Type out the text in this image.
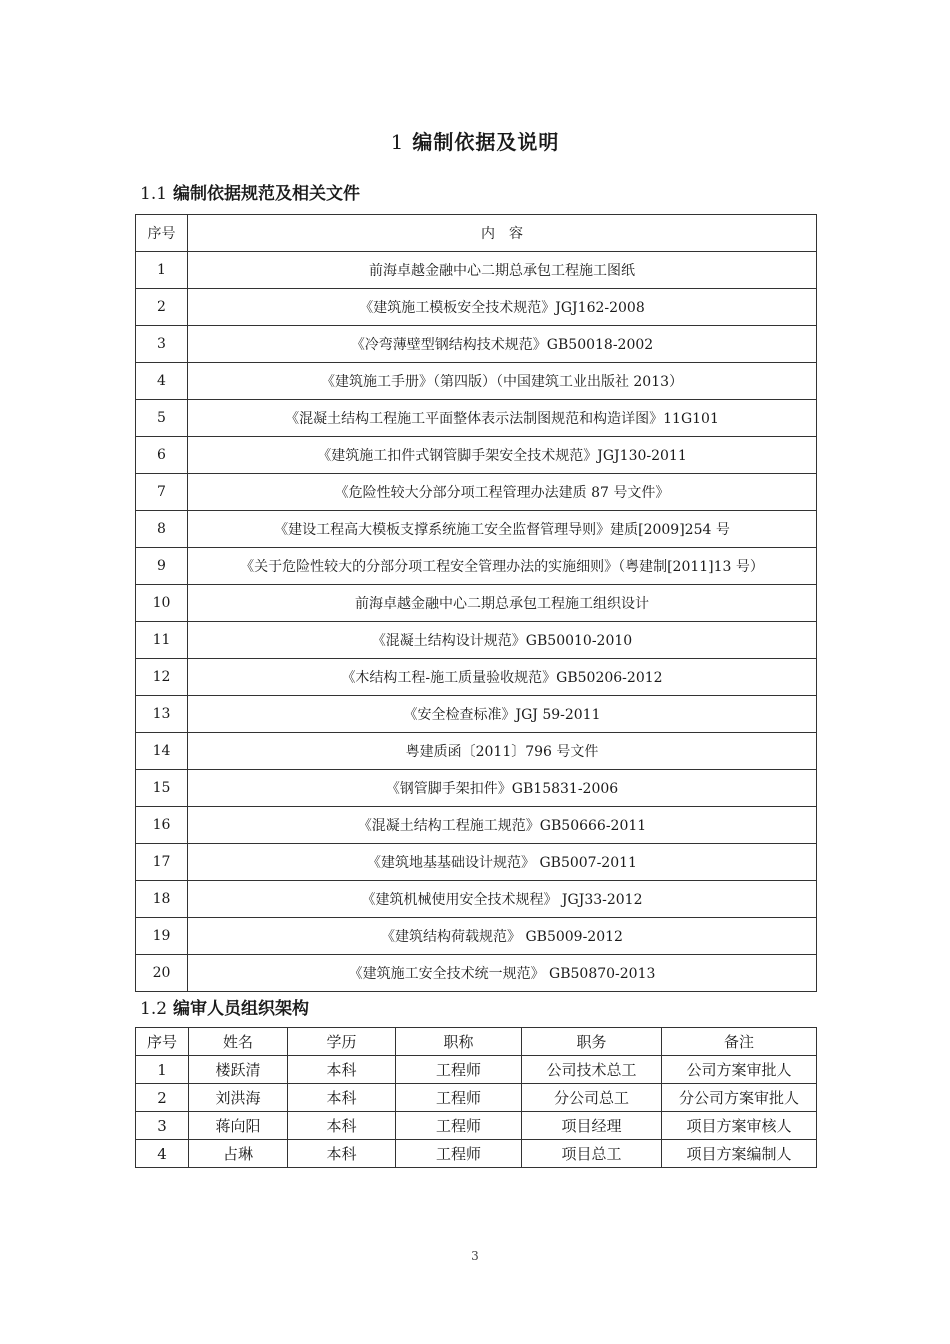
1 编制依据及说明
1.1 编制依据规范及相关文件
序号	内　容
1	前海卓越金融中心二期总承包工程施工图纸
2	《建筑施工模板安全技术规范》JGJ162-2008
3	《冷弯薄壁型钢结构技术规范》GB50018-2002
4	《建筑施工手册》（第四版）（中国建筑工业出版社 2013）
5	《混凝土结构工程施工平面整体表示法制图规范和构造详图》11G101
6	《建筑施工扣件式钢管脚手架安全技术规范》JGJ130-2011
7	《危险性较大分部分项工程管理办法建质 87 号文件》
8	《建设工程高大模板支撑系统施工安全监督管理导则》建质[2009]254 号
9	《关于危险性较大的分部分项工程安全管理办法的实施细则》（粤建制[2011]13 号）
10	前海卓越金融中心二期总承包工程施工组织设计
11	《混凝土结构设计规范》GB50010-2010
12	《木结构工程-施工质量验收规范》GB50206-2012
13	《安全检查标准》JGJ 59-2011
14	粤建质函〔2011〕796 号文件
15	《钢管脚手架扣件》GB15831-2006
16	《混凝土结构工程施工规范》GB50666-2011
17	《建筑地基基础设计规范》 GB5007-2011
18	《建筑机械使用安全技术规程》 JGJ33-2012
19	《建筑结构荷载规范》 GB5009-2012
20	《建筑施工安全技术统一规范》 GB50870-2013
1.2 编审人员组织架构
序号	姓名	学历	职称	职务	备注
1	楼跃清	本科	工程师	公司技术总工	公司方案审批人
2	刘洪海	本科	工程师	分公司总工	分公司方案审批人
3	蒋向阳	本科	工程师	项目经理	项目方案审核人
4	占琳	本科	工程师	项目总工	项目方案编制人
3
